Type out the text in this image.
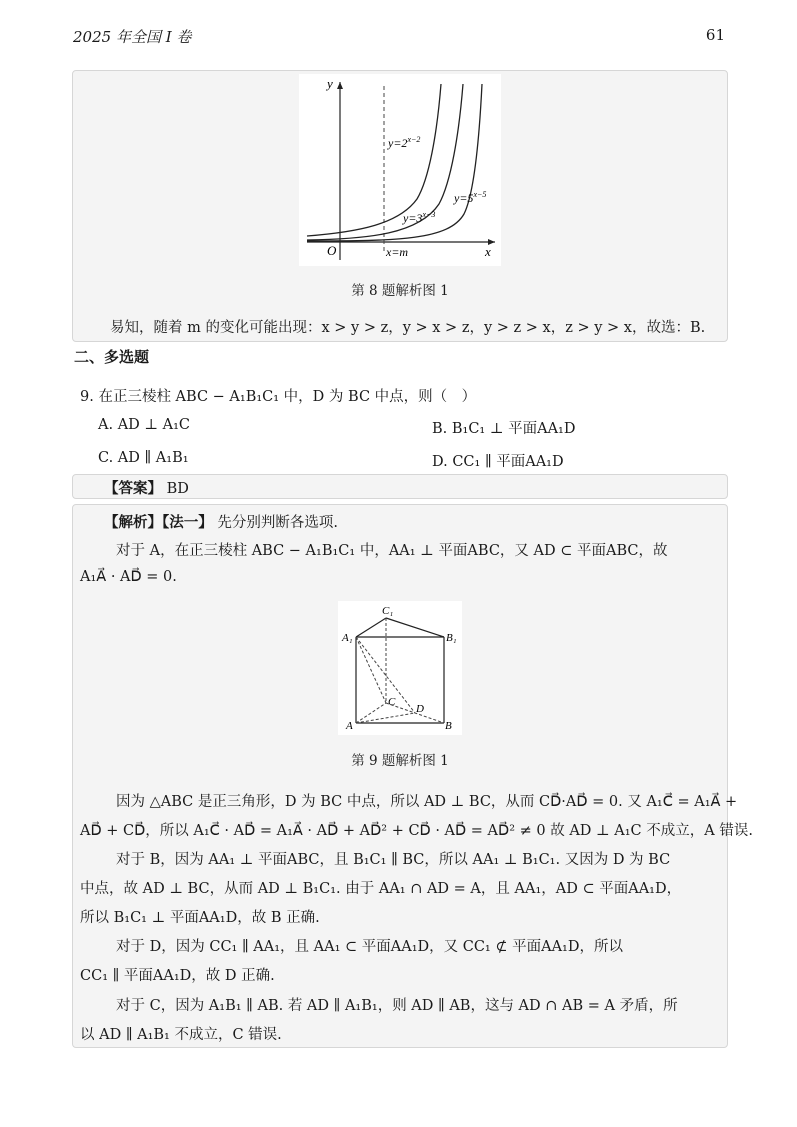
2025 年全国 I 卷	61
y
x
O	x=m
$y=2^{x-2}$
$y=3^{x-3}$
$y=5^{x-5}$
第 8 题解析图 1
易知，随着 m 的变化可能出现：x > y > z，y > x > z，y > z > x，z > y > x，故选：B.
二、多选题
9. 在正三棱柱 ABC − A₁B₁C₁ 中，D 为 BC 中点，则（　）
A. AD ⊥ A₁C	B. B₁C₁ ⊥ 平面AA₁D
C. AD ∥ A₁B₁	D. CC₁ ∥ 平面AA₁D
【答案】 BD
【解析】【法一】 先分别判断各选项.
对于 A，在正三棱柱 ABC − A₁B₁C₁ 中，AA₁ ⊥ 平面ABC，又 AD ⊂ 平面ABC，故
A₁A⃗ · AD⃗ = 0.
C₁
A₁	B₁
C
D
A	B
第 9 题解析图 1
因为 △ABC 是正三角形，D 为 BC 中点，所以 AD ⊥ BC，从而 CD⃗·AD⃗ = 0. 又 A₁C⃗ = A₁A⃗ +
AD⃗ + CD⃗，所以 A₁C⃗ · AD⃗ = A₁A⃗ · AD⃗ + AD⃗² + CD⃗ · AD⃗ = AD⃗² ≠ 0 故 AD ⊥ A₁C 不成立，A 错误.
对于 B，因为 AA₁ ⊥ 平面ABC，且 B₁C₁ ∥ BC，所以 AA₁ ⊥ B₁C₁. 又因为 D 为 BC
中点，故 AD ⊥ BC，从而 AD ⊥ B₁C₁. 由于 AA₁ ∩ AD = A，且 AA₁，AD ⊂ 平面AA₁D，
所以 B₁C₁ ⊥ 平面AA₁D，故 B 正确.
对于 D，因为 CC₁ ∥ AA₁，且 AA₁ ⊂ 平面AA₁D，又 CC₁ ⊄ 平面AA₁D，所以
CC₁ ∥ 平面AA₁D，故 D 正确.
对于 C，因为 A₁B₁ ∥ AB. 若 AD ∥ A₁B₁，则 AD ∥ AB，这与 AD ∩ AB = A 矛盾，所
以 AD ∥ A₁B₁ 不成立，C 错误.
